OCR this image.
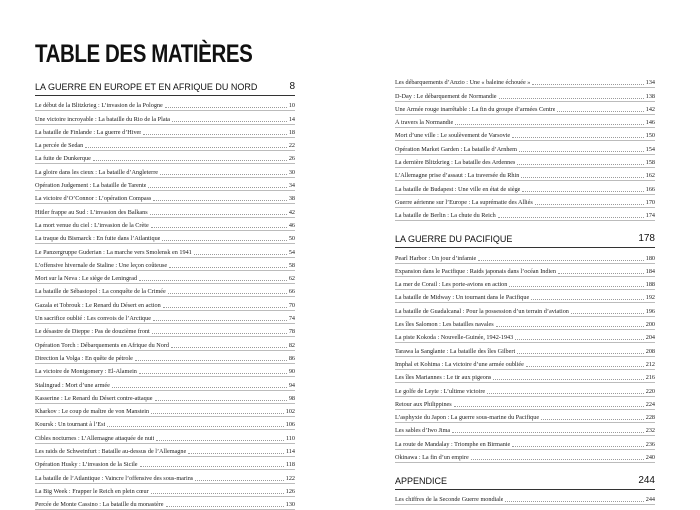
TABLE DES MATIÈRES
LA GUERRE EN EUROPE ET EN AFRIQUE DU NORD	8
Le début de la Blitzkrieg : L’invasion de la Pologne	10
Une victoire incroyable : La bataille du Rio de la Plata	14
La bataille de Finlande : La guerre d’Hiver	18
La percée de Sedan	22
La fuite de Dunkerque	26
La gloire dans les cieux : La bataille d’Angleterre	30
Opération Judgement : La bataille de Tarente	34
La victoire d’O’Connor : L’opération Compass	38
Hitler frappe au Sud : L’invasion des Balkans	42
La mort venue du ciel : L’invasion de la Crète	46
La traque du Bismarck : En fuite dans l’Atlantique	50
Le Panzergruppe Guderian : La marche vers Smolensk en 1941	54
L’offensive hivernale de Staline : Une leçon coûteuse	58
Mort sur la Neva : Le siège de Leningrad	62
La bataille de Sébastopol : La conquête de la Crimée	66
Gazala et Tobrouk : Le Renard du Désert en action	70
Un sacrifice oublié : Les convois de l’Arctique	74
Le désastre de Dieppe : Pas de douzième front	78
Opération Torch : Débarquements en Afrique du Nord	82
Direction la Volga : En quête de pétrole	86
La victoire de Montgomery : El-Alamein	90
Stalingrad : Mort d’une armée	94
Kasserine : Le Renard du Désert contre-attaque	98
Kharkov : Le coup de maître de von Manstein	102
Koursk : Un tournant à l’Est	106
Cibles nocturnes : L’Allemagne attaquée de nuit	110
Les raids de Schweinfurt : Bataille au-dessus de l’Allemagne	114
Opération Husky : L’invasion de la Sicile	118
La bataille de l’Atlantique : Vaincre l’offensive des sous-marins	122
La Big Week : Frapper le Reich en plein cœur	126
Percée de Monte Cassino : La bataille du monastère	130
Les débarquements d’Anzio : Une « baleine échouée »	134
D-Day : Le débarquement de Normandie	138
Une Armée rouge inarrêtable : La fin du groupe d’armées Centre	142
À travers la Normandie	146
Mort d’une ville : Le soulèvement de Varsovie	150
Opération Market Garden : La bataille d’Arnhem	154
La dernière Blitzkrieg : La bataille des Ardennes	158
L’Allemagne prise d’assaut : La traversée du Rhin	162
La bataille de Budapest : Une ville en état de siège	166
Guerre aérienne sur l’Europe : La suprématie des Alliés	170
La bataille de Berlin : La chute du Reich	174
LA GUERRE DU PACIFIQUE	178
Pearl Harbor : Un jour d’infamie	180
Expansion dans le Pacifique : Raids japonais dans l’océan Indien	184
La mer de Corail : Les porte-avions en action	188
La bataille de Midway : Un tournant dans le Pacifique	192
La bataille de Guadalcanal : Pour la possession d’un terrain d’aviation	196
Les îles Salomon : Les batailles navales	200
La piste Kokoda : Nouvelle-Guinée, 1942-1943	204
Tarawa la Sanglante : La bataille des îles Gilbert	208
Imphal et Kohima : La victoire d’une armée oubliée	212
Les îles Mariannes : Le tir aux pigeons	216
Le golfe de Leyte : L’ultime victoire	220
Retour aux Philippines	224
L’asphyxie du Japon : La guerre sous-marine du Pacifique	228
Les sables d’Iwo Jima	232
La route de Mandalay : Triomphe en Birmanie	236
Okinawa : La fin d’un empire	240
APPENDICE	244
Les chiffres de la Seconde Guerre mondiale	244
